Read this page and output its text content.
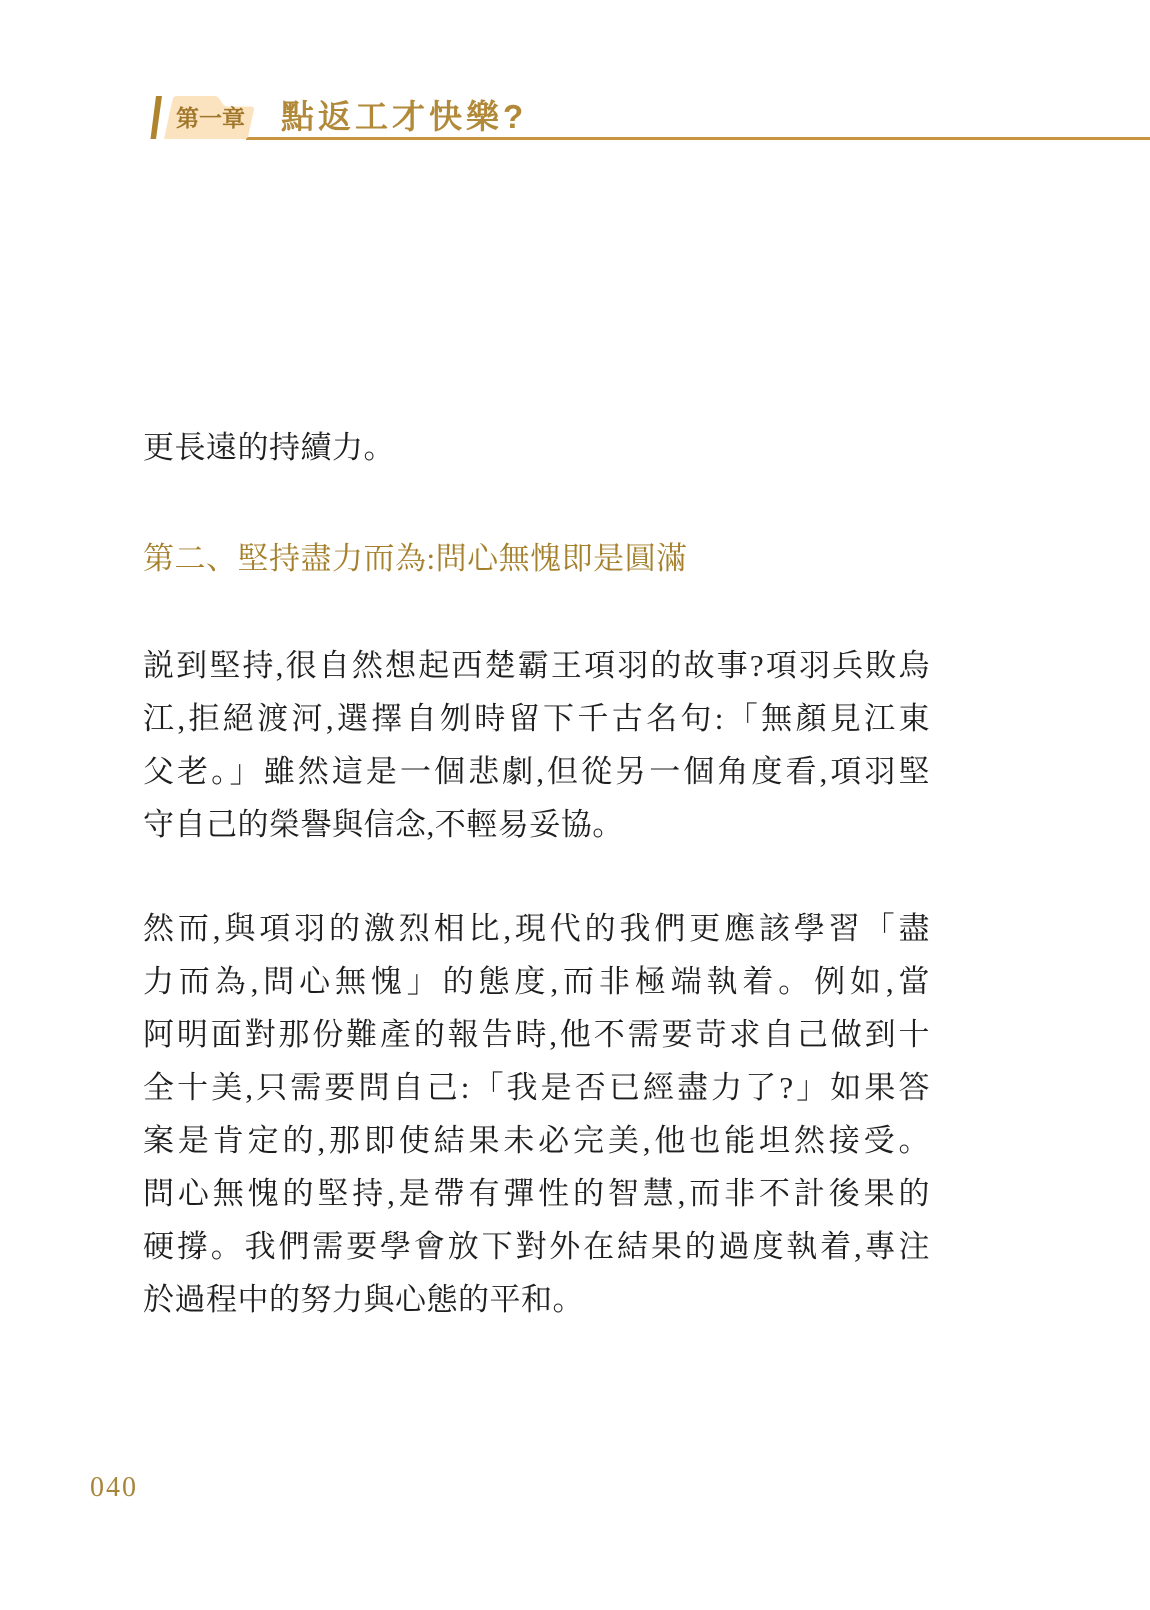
第一章 點返工才快樂?

更長遠的持續力。

第二、堅持盡力而為:問心無愧即是圓滿

説到堅持,很自然想起西楚霸王項羽的故事?項羽兵敗烏

江,拒絕渡河,選擇自刎時留下千古名句:「無顏見江東

父老。」雖然這是一個悲劇,但從另一個角度看,項羽堅

守自己的榮譽與信念,不輕易妥協。

然而,與項羽的激烈相比,現代的我們更應該學習「盡

力而為,問心無愧」的態度,而非極端執着。例如,當

阿明面對那份難產的報告時,他不需要苛求自己做到十

全十美,只需要問自己:「我是否已經盡力了?」如果答

案是肯定的,那即使結果未必完美,他也能坦然接受。

問心無愧的堅持,是帶有彈性的智慧,而非不計後果的

硬撐。我們需要學會放下對外在結果的過度執着,專注

於過程中的努力與心態的平和。

040
